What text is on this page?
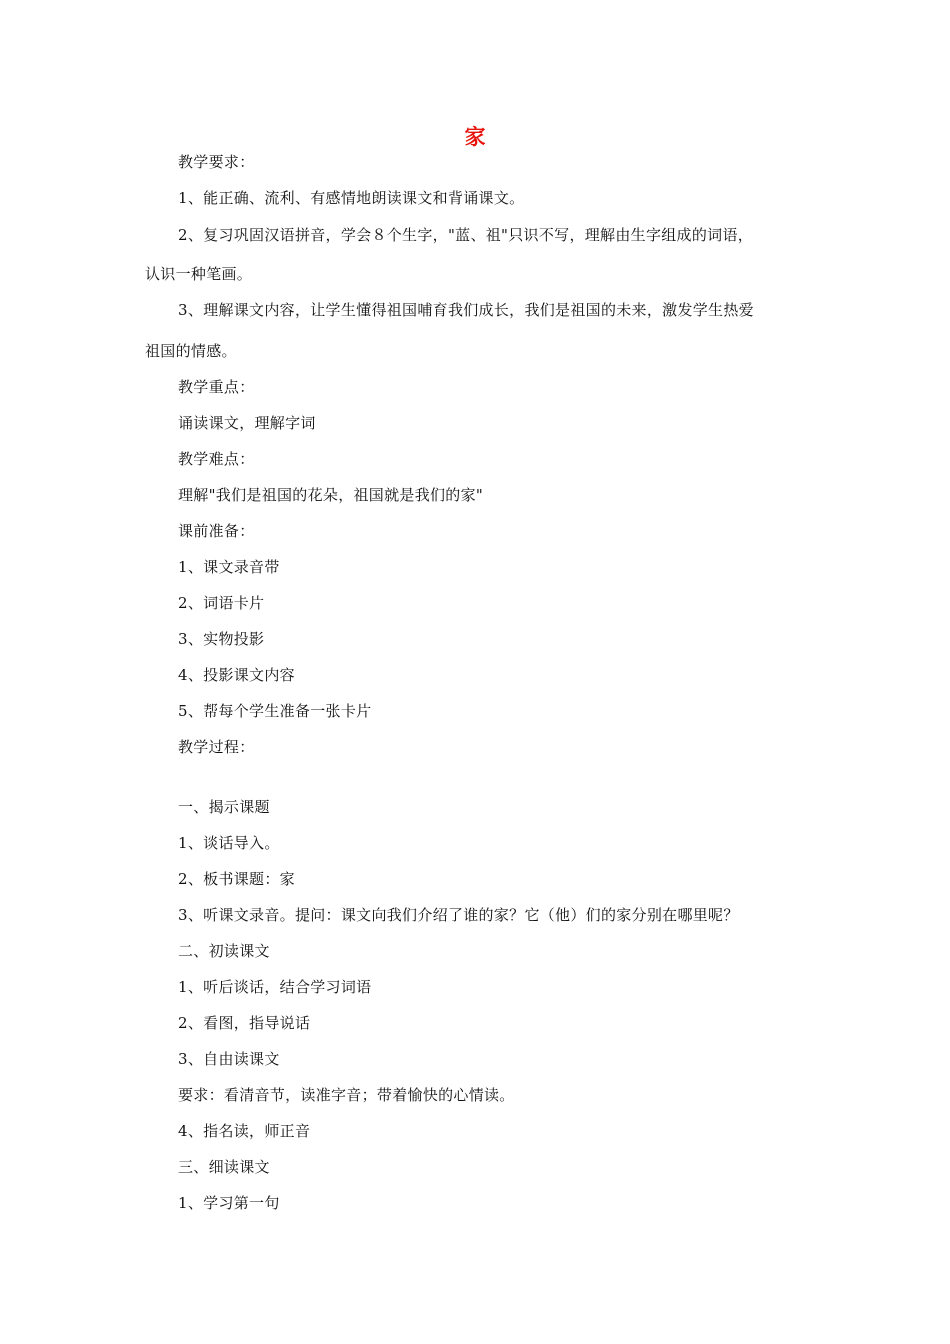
家
教学要求：
1、能正确、流利、有感情地朗读课文和背诵课文。
2、复习巩固汉语拼音，学会８个生字，"蓝、祖"只识不写，理解由生字组成的词语，
认识一种笔画。
3、理解课文内容，让学生懂得祖国哺育我们成长，我们是祖国的未来，激发学生热爱
祖国的情感。
教学重点：
诵读课文，理解字词
教学难点：
理解"我们是祖国的花朵，祖国就是我们的家"
课前准备：
1、课文录音带
2、词语卡片
3、实物投影
4、投影课文内容
5、帮每个学生准备一张卡片
教学过程：
一、揭示课题
1、谈话导入。
2、板书课题：家
3、听课文录音。提问：课文向我们介绍了谁的家？它（他）们的家分别在哪里呢？
二、初读课文
1、听后谈话，结合学习词语
2、看图，指导说话
3、自由读课文
要求：看清音节，读准字音；带着愉快的心情读。
4、指名读，师正音
三、细读课文
1、学习第一句
